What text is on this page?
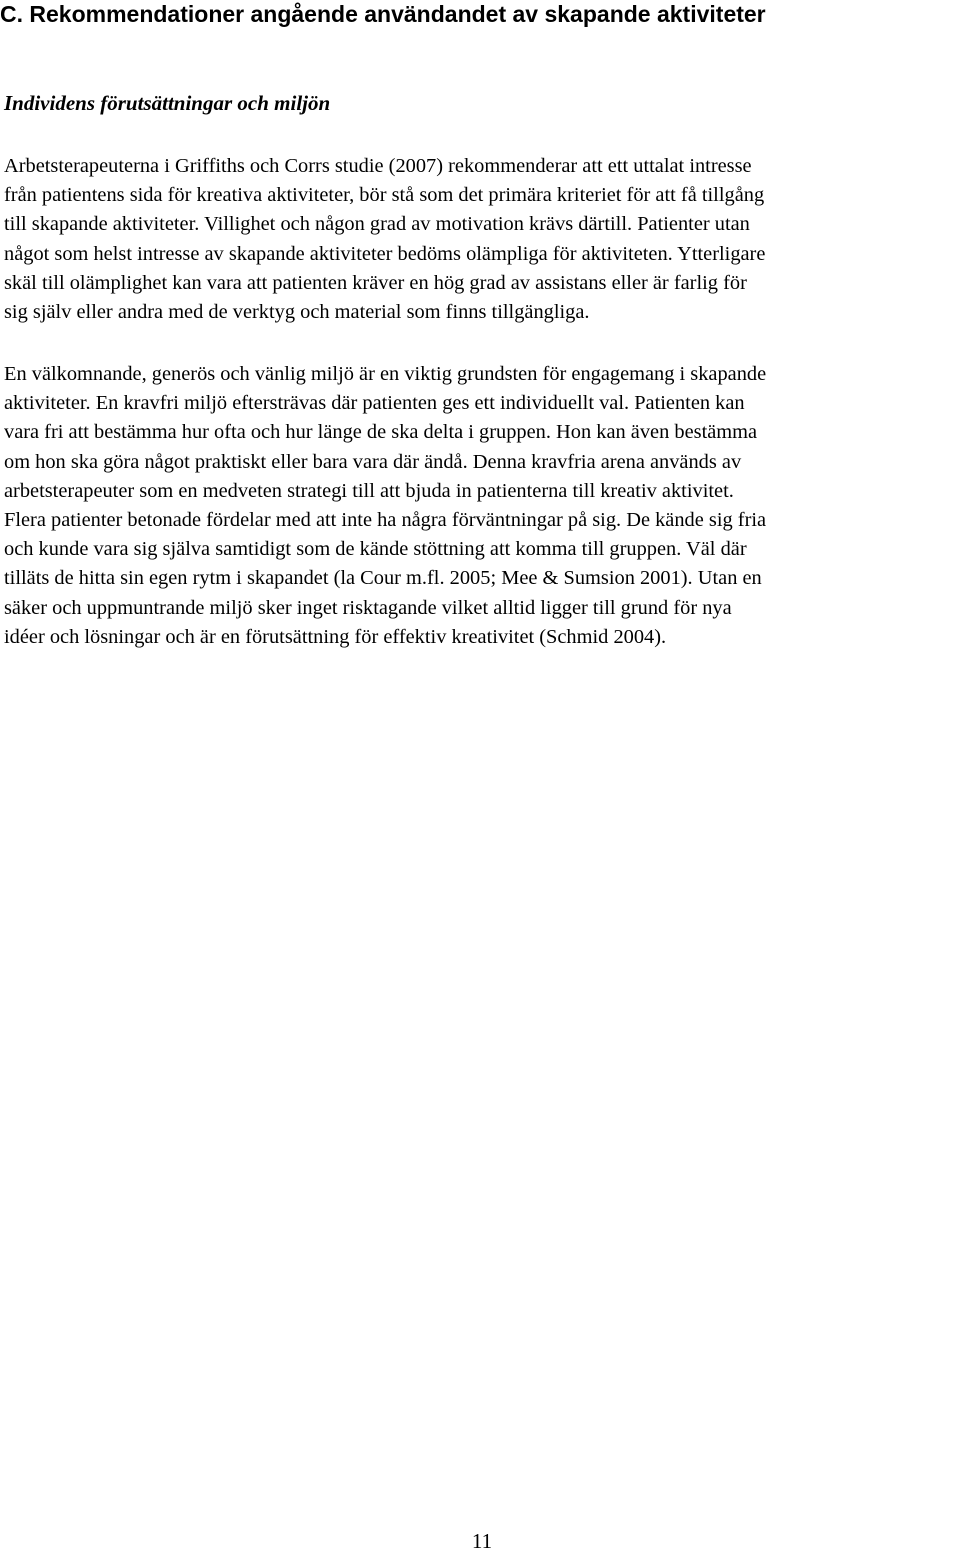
C. Rekommendationer angående användandet av skapande aktiviteter
Individens förutsättningar och miljön

Arbetsterapeuterna i Griffiths och Corrs studie (2007) rekommenderar att ett uttalat intresse
från patientens sida för kreativa aktiviteter, bör stå som det primära kriteriet för att få tillgång
till skapande aktiviteter. Villighet och någon grad av motivation krävs därtill. Patienter utan
något som helst intresse av skapande aktiviteter bedöms olämpliga för aktiviteten. Ytterligare
skäl till olämplighet kan vara att patienten kräver en hög grad av assistans eller är farlig för
sig själv eller andra med de verktyg och material som finns tillgängliga.

En välkomnande, generös och vänlig miljö är en viktig grundsten för engagemang i skapande
aktiviteter. En kravfri miljö eftersträvas där patienten ges ett individuellt val. Patienten kan
vara fri att bestämma hur ofta och hur länge de ska delta i gruppen. Hon kan även bestämma
om hon ska göra något praktiskt eller bara vara där ändå. Denna kravfria arena används av
arbetsterapeuter som en medveten strategi till att bjuda in patienterna till kreativ aktivitet.
Flera patienter betonade fördelar med att inte ha några förväntningar på sig. De kände sig fria
och kunde vara sig själva samtidigt som de kände stöttning att komma till gruppen. Väl där
tilläts de hitta sin egen rytm i skapandet (la Cour m.fl. 2005; Mee & Sumsion 2001). Utan en
säker och uppmuntrande miljö sker inget risktagande vilket alltid ligger till grund för nya
idéer och lösningar och är en förutsättning för effektiv kreativitet (Schmid 2004).

11
